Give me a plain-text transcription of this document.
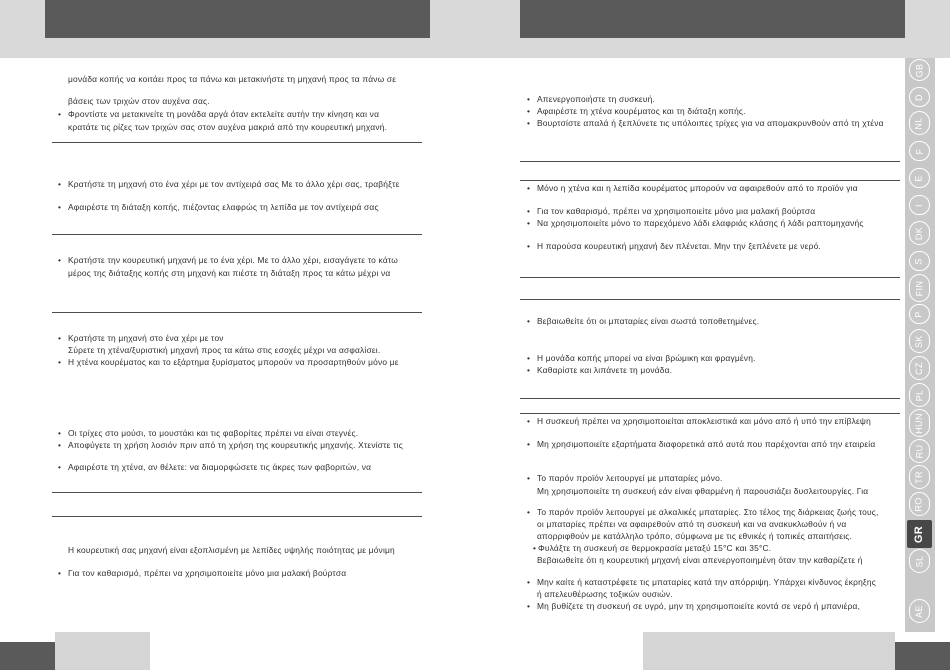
μονάδα κοπής να κοιτάει προς τα πάνω και μετακινήστε τη μηχανή προς τα πάνω σε
βάσεις των τριχών στον αυχένα σας.
• Φροντίστε να μετακινείτε τη μονάδα αργά όταν εκτελείτε αυτήν την κίνηση και να
κρατάτε τις ρίζες των τριχών σας στον αυχένα μακριά από την κουρευτική μηχανή.
• Κρατήστε τη μηχανή στο ένα χέρι με τον αντίχειρά σας Με το άλλο χέρι σας, τραβήξτε
• Αφαιρέστε τη διάταξη κοπής, πιέζοντας ελαφρώς τη λεπίδα με τον αντίχειρά σας
• Κρατήστε την κουρευτική μηχανή με το ένα χέρι. Με το άλλο χέρι, εισαγάγετε το κάτω
μέρος της διάταξης κοπής στη μηχανή και πιέστε τη διάταξη προς τα κάτω μέχρι να
• Κρατήστε τη μηχανή στο ένα χέρι με τον
Σύρετε τη χτένα/ξυριστική μηχανή προς τα κάτω στις εσοχές μέχρι να ασφαλίσει.
• Η χτένα κουρέματος και το εξάρτημα ξυρίσματος μπορούν να προσαρτηθούν μόνο με
• Οι τρίχες στο μούσι, το μουστάκι και τις φαβορίτες πρέπει να είναι στεγνές.
• Αποφύγετε τη χρήση λοσιόν πριν από τη χρήση της κουρευτικής μηχανής. Χτενίστε τις
• Αφαιρέστε τη χτένα, αν θέλετε: να διαμορφώσετε τις άκρες των φαβοριτών, να
Η κουρευτική σας μηχανή είναι εξοπλισμένη με λεπίδες υψηλής ποιότητας με μόνιμη
• Για τον καθαρισμό, πρέπει να χρησιμοποιείτε μόνο μια μαλακή βούρτσα
• Απενεργοποιήστε τη συσκευή.
• Αφαιρέστε τη χτένα κουρέματος και τη διάταξη κοπής.
• Βουρτσίστε απαλά ή ξεπλύνετε τις υπόλοιπες τρίχες για να απομακρυνθούν από τη χτένα
• Μόνο η χτένα και η λεπίδα κουρέματος μπορούν να αφαιρεθούν από το προϊόν για
• Για τον καθαρισμό, πρέπει να χρησιμοποιείτε μόνο μια μαλακή βούρτσα
• Να χρησιμοποιείτε μόνο το παρεχόμενο λάδι ελαφριάς κλάσης ή λάδι ραπτομηχανής
• Η παρούσα κουρευτική μηχανή δεν πλένεται. Μην την ξεπλένετε με νερό.
• Βεβαιωθείτε ότι οι μπαταρίες είναι σωστά τοποθετημένες.
• Η μονάδα κοπής μπορεί να είναι βρώμικη και φραγμένη.
• Καθαρίστε και λιπάνετε τη μονάδα.
• Η συσκευή πρέπει να χρησιμοποιείται αποκλειστικά και μόνο από ή υπό την επίβλεψη
• Μη χρησιμοποιείτε εξαρτήματα διαφορετικά από αυτά που παρέχονται από την εταιρεία
• Το παρόν προϊόν λειτουργεί με μπαταρίες μόνο.
Μη χρησιμοποιείτε τη συσκευή εάν είναι φθαρμένη ή παρουσιάζει δυσλειτουργίες. Για
• Το παρόν προϊόν λειτουργεί με αλκαλικές μπαταρίες. Στο τέλος της διάρκειας ζωής τους,
οι μπαταρίες πρέπει να αφαιρεθούν από τη συσκευή και να ανακυκλωθούν ή να
απορριφθούν με κατάλληλο τρόπο, σύμφωνα με τις εθνικές ή τοπικές απαιτήσεις.
• Φυλάξτε τη συσκευή σε θερμοκρασία μεταξύ 15°C και 35°C.
Βεβαιωθείτε ότι η κουρευτική μηχανή είναι απενεργοποιημένη όταν την καθαρίζετε ή
• Μην καίτε ή καταστρέφετε τις μπαταρίες κατά την απόρριψη. Υπάρχει κίνδυνος έκρηξης
ή απελευθέρωσης τοξικών ουσιών.
• Μη βυθίζετε τη συσκευή σε υγρό, μην τη χρησιμοποιείτε κοντά σε νερό ή μπανιέρα,
GB
D
NL
F
E
I
DK
S
FIN
P
SK
CZ
PL
HUN
RU
TR
RO
GR
SL
AE
